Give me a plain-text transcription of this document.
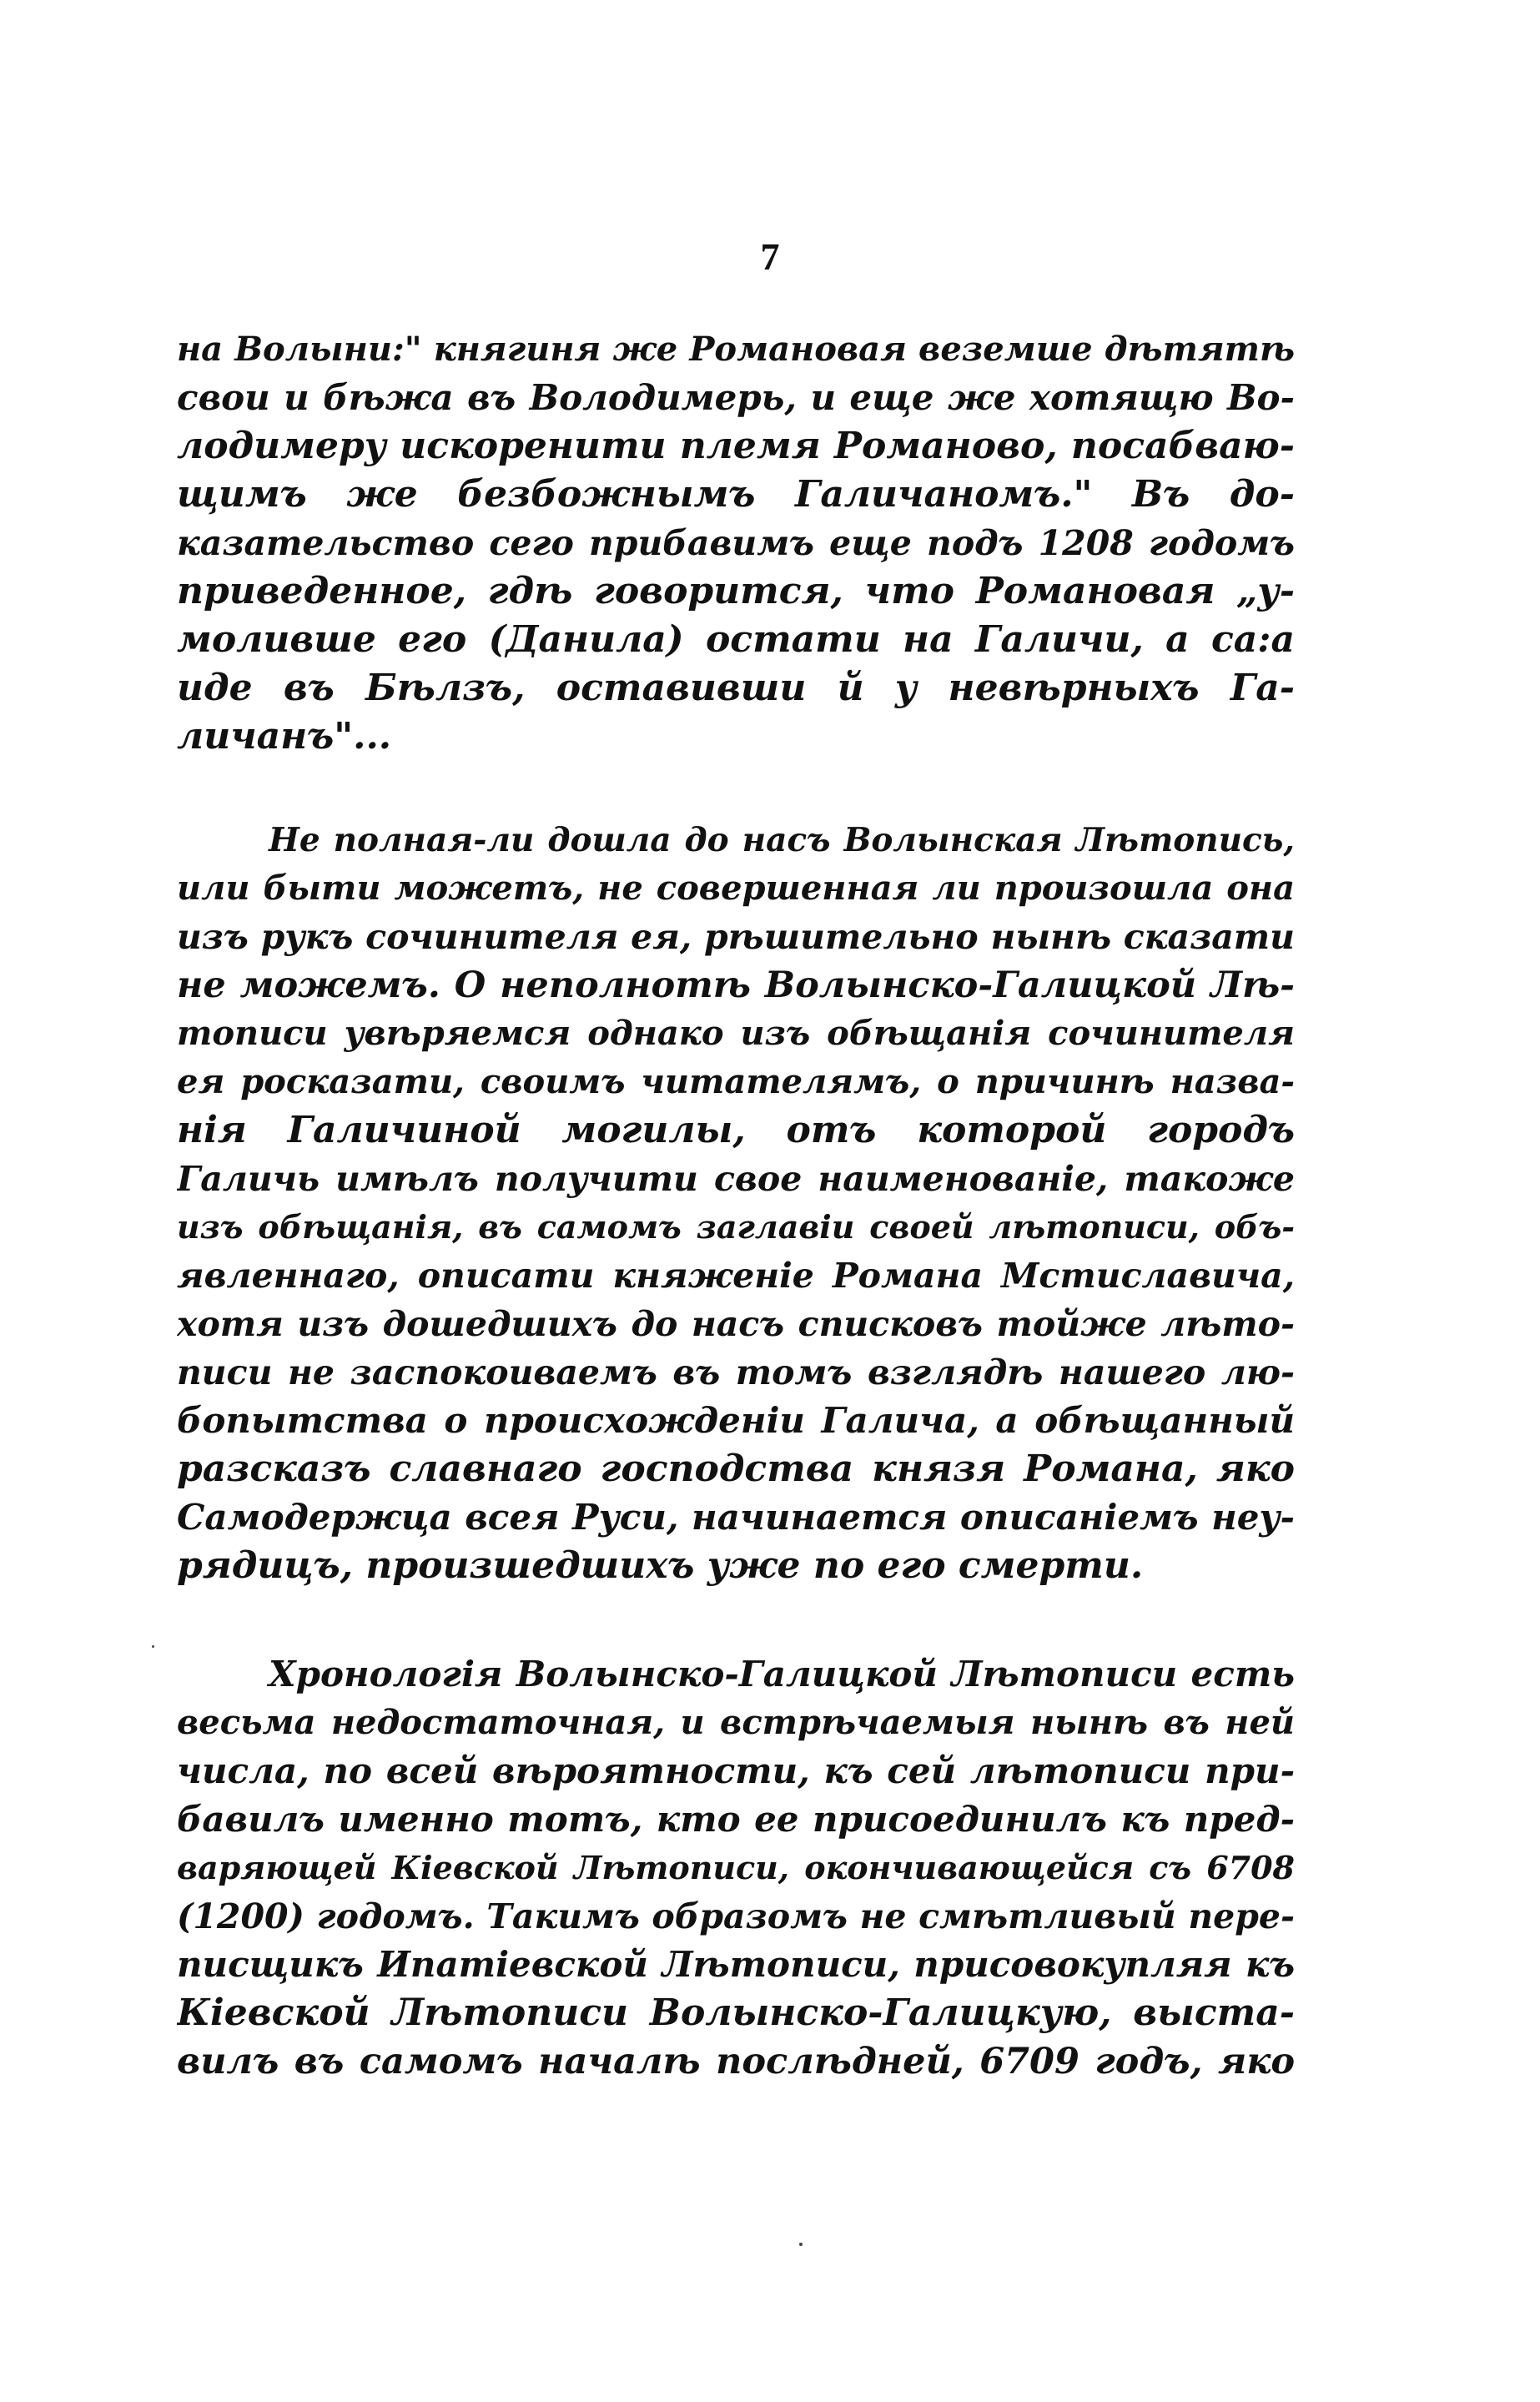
7
на Волыни:" княгиня же Романовая веземше дѣтятѣ
свои и бѣжа въ Володимерь, и еще же хотящю Во-
лодимеру искоренити племя Романово, посабваю-
щимъ же безбожнымъ Галичаномъ." Въ до-
казательство сего прибавимъ еще подъ 1208 годомъ
приведенное, гдѣ говорится, что Романовая „у-
моливше его (Данила) остати на Галичи, а са:а
иде въ Бѣлзъ, оставивши й у невѣрныхъ Га-
личанъ"...
Не полная-ли дошла до насъ Волынская Лѣтопись,
или быти можетъ, не совершенная ли произошла она
изъ рукъ сочинителя ея, рѣшительно нынѣ сказати
не можемъ. О неполнотѣ Волынско-Галицкой Лѣ-
тописи увѣряемся однако изъ обѣщанія сочинителя
ея росказати, своимъ читателямъ, о причинѣ назва-
нія Галичиной могилы, отъ которой городъ
Галичь имѣлъ получити свое наименованіе, такоже
изъ обѣщанія, въ самомъ заглавіи своей лѣтописи, объ-
явленнаго, описати княженіе Романа Мстиславича,
хотя изъ дошедшихъ до насъ списковъ тойже лѣто-
писи не заспокоиваемъ въ томъ взглядѣ нашего лю-
бопытства о происхожденіи Галича, а обѣщанный
разсказъ славнаго господства князя Романа, яко
Самодержца всея Руси, начинается описаніемъ неу-
рядицъ, произшедшихъ уже по его смерти.
Хронологія Волынско-Галицкой Лѣтописи есть
весьма недостаточная, и встрѣчаемыя нынѣ въ ней
числа, по всей вѣроятности, къ сей лѣтописи при-
бавилъ именно тотъ, кто ее присоединилъ къ пред-
варяющей Кіевской Лѣтописи, окончивающейся съ 6708
(1200) годомъ. Такимъ образомъ не смѣтливый пере-
писщикъ Ипатіевской Лѣтописи, присовокупляя къ
Кіевской Лѣтописи Волынско-Галицкую, выста-
вилъ въ самомъ началѣ послѣдней, 6709 годъ, яко
